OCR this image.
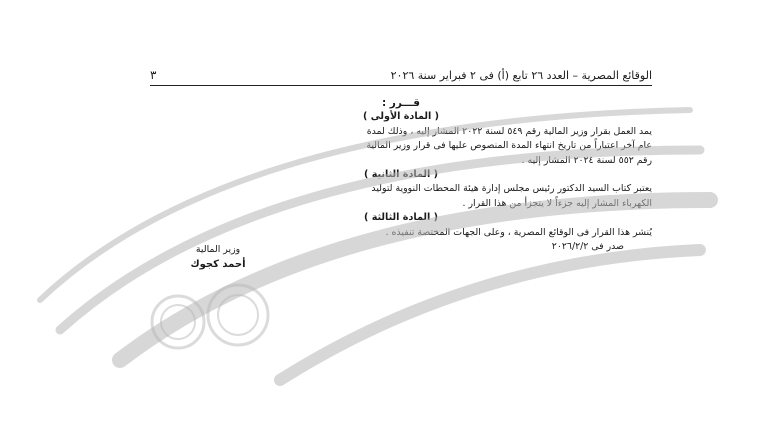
٣	الوقائع المصرية – العدد ٢٦ تابع (أ) فى ٢ فبراير سنة ٢٠٢٦
قـــرر :
( المادة الأولى )
يمد العمل بقرار وزير المالية رقم ٥٤٩ لسنة ٢٠٢٢ المشار إليه ، وذلك لمدة
عام آخر اعتباراً من تاريخ انتهاء المدة المنصوص عليها فى قرار وزير المالية
رقم ٥٥٢ لسنة ٢٠٢٤ المشار إليه .
( المادة الثانية )
يعتبر كتاب السيد الدكتور رئيس مجلس إدارة هيئة المحطات النووية لتوليد
الكهرباء المشار إليه جزءاً لا يتجزأ من هذا القرار .
( المادة الثالثة )
يُنشر هذا القرار فى الوقائع المصرية ، وعلى الجهات المختصة تنفيذه .
صدر فى ٢٠٢٦/٢/٢
وزير المالية
أحمد كجوك
